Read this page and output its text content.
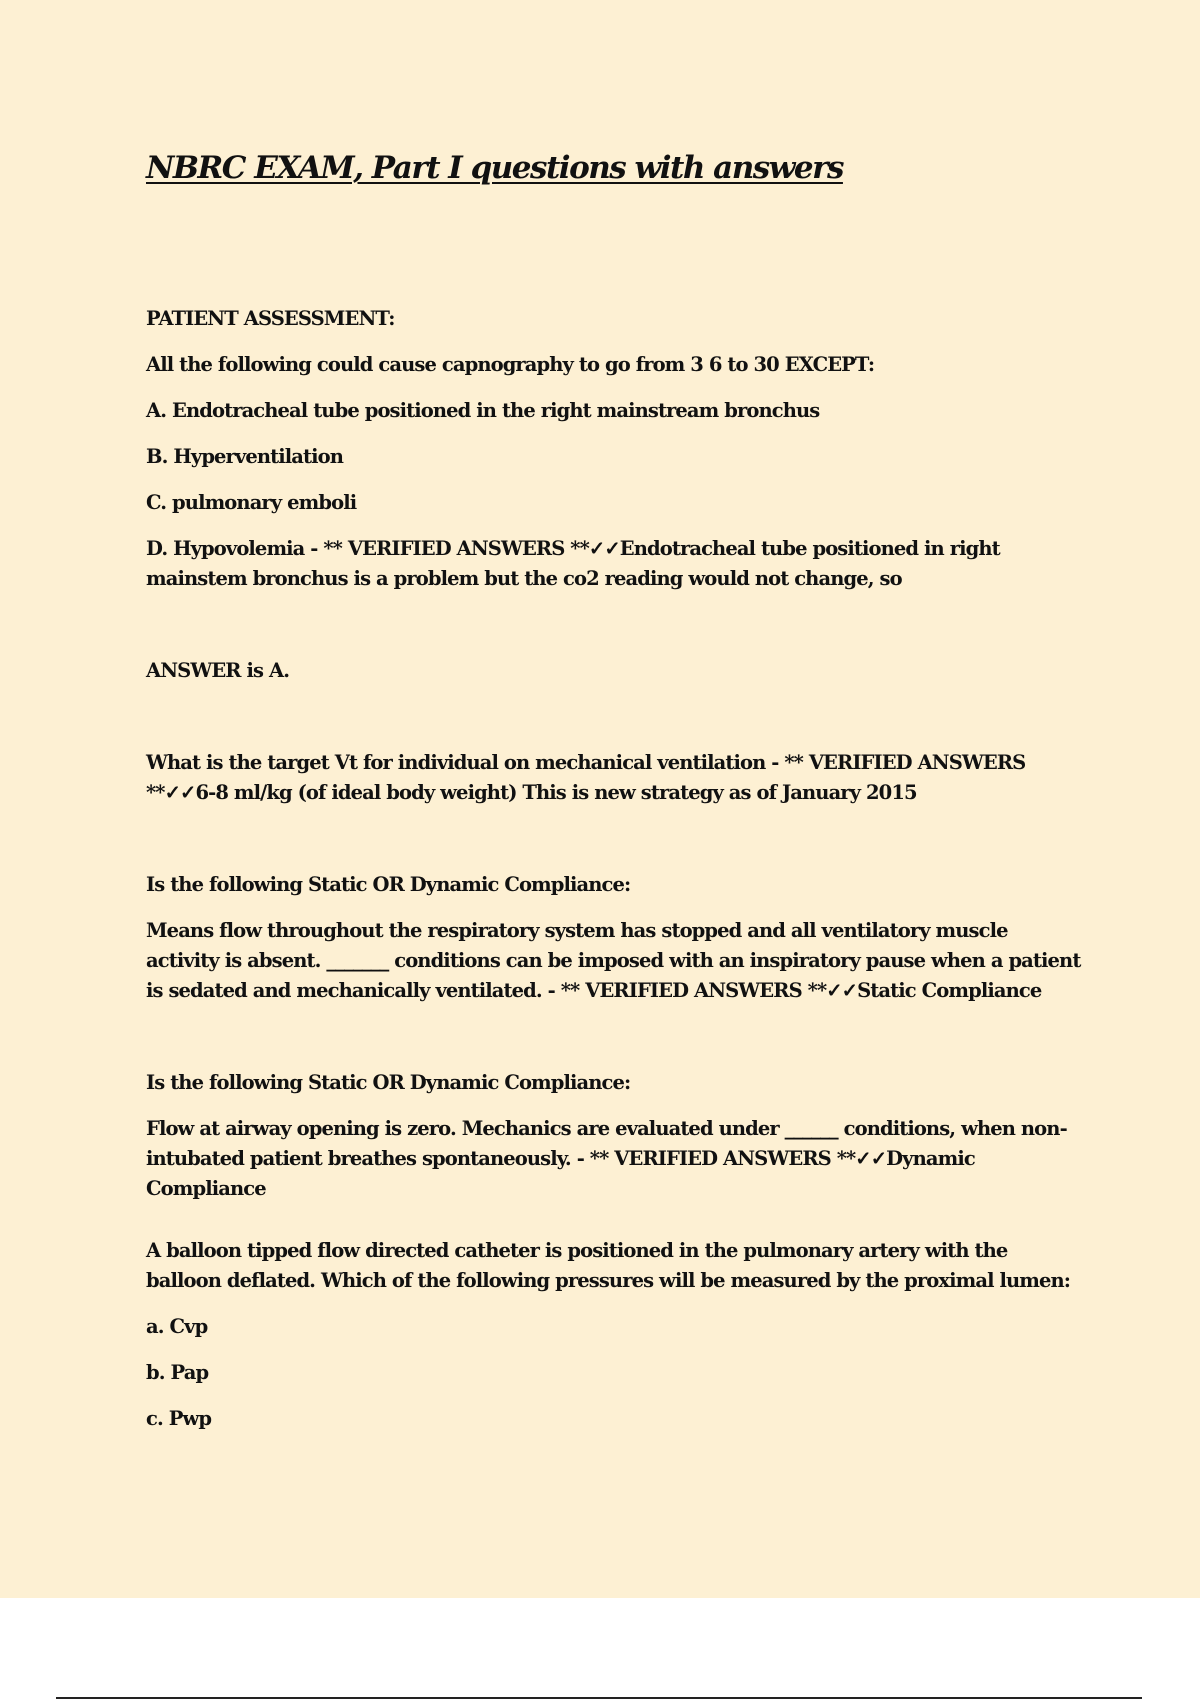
NBRC EXAM, Part I questions with answers

PATIENT ASSESSMENT:

All the following could cause capnography to go from 3 6 to 30 EXCEPT:

A. Endotracheal tube positioned in the right mainstream bronchus

B. Hyperventilation

C. pulmonary emboli

D. Hypovolemia - ** VERIFIED ANSWERS **✓✓Endotracheal tube positioned in right mainstem bronchus is a problem but the co2 reading would not change, so

ANSWER is A.

What is the target Vt for individual on mechanical ventilation - ** VERIFIED ANSWERS **✓✓6-8 ml/kg (of ideal body weight) This is new strategy as of January 2015

Is the following Static OR Dynamic Compliance:

Means flow throughout the respiratory system has stopped and all ventilatory muscle activity is absent. _______ conditions can be imposed with an inspiratory pause when a patient is sedated and mechanically ventilated. - ** VERIFIED ANSWERS **✓✓Static Compliance

Is the following Static OR Dynamic Compliance:

Flow at airway opening is zero. Mechanics are evaluated under ______ conditions, when non-intubated patient breathes spontaneously. - ** VERIFIED ANSWERS **✓✓Dynamic Compliance

A balloon tipped flow directed catheter is positioned in the pulmonary artery with the balloon deflated. Which of the following pressures will be measured by the proximal lumen:

a. Cvp

b. Pap

c. Pwp
